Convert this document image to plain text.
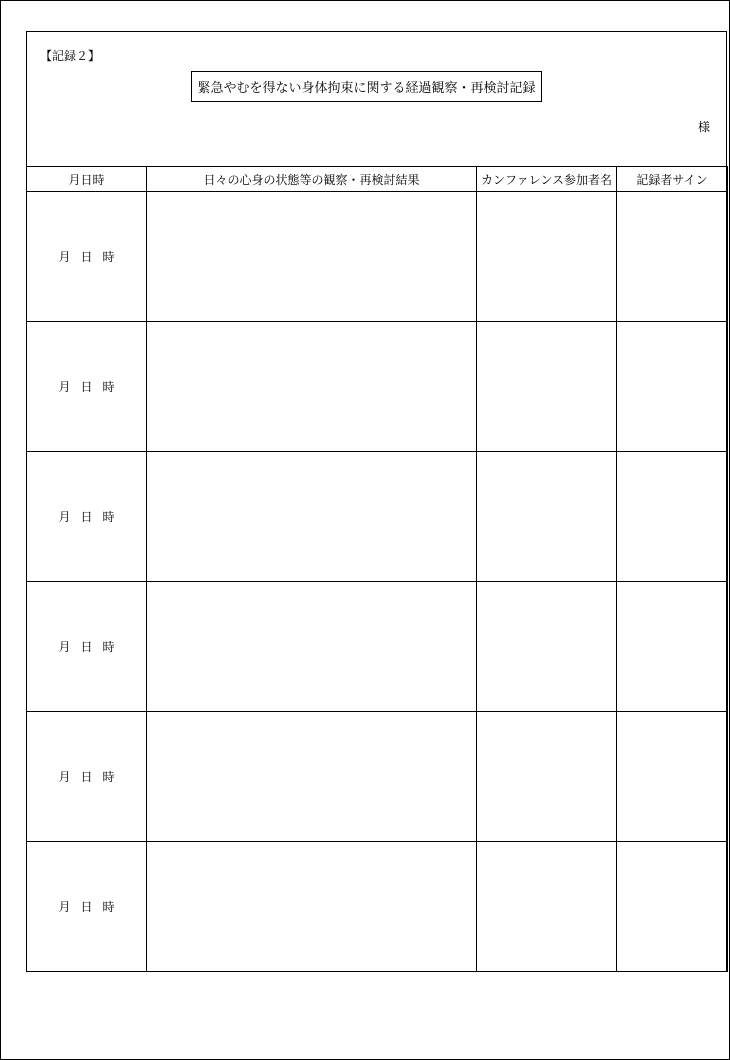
【記録２】
緊急やむを得ない身体拘束に関する経過観察・再検討記録
様
月日時	日々の心身の状態等の観察・再検討結果	カンファレンス参加者名	記録者サイン
月 日 時			
月 日 時			
月 日 時			
月 日 時			
月 日 時			
月 日 時			
